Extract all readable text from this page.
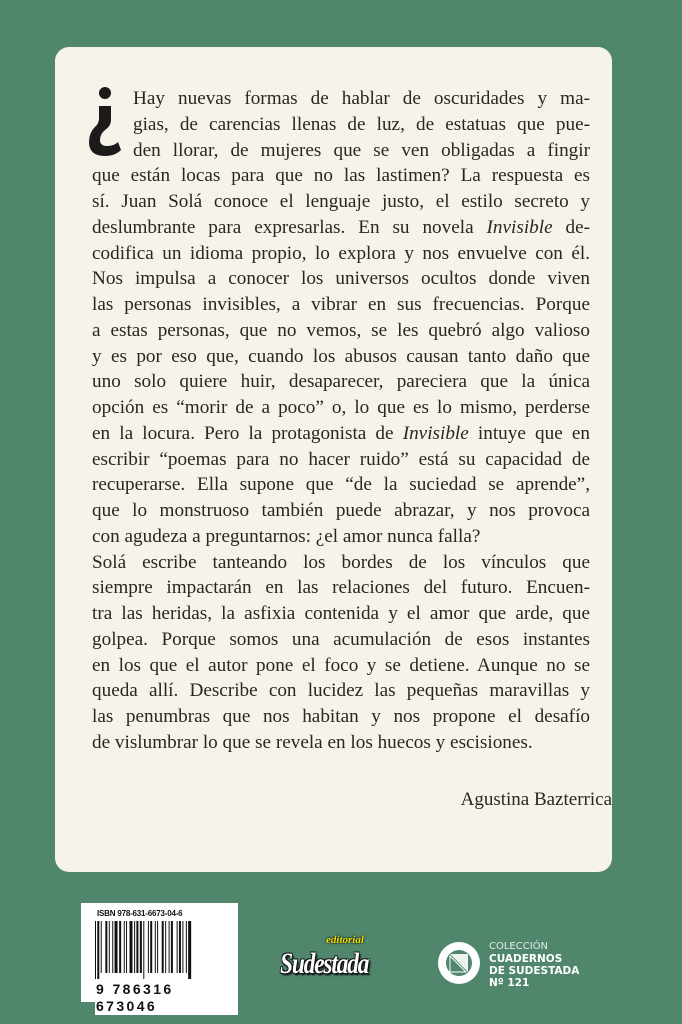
Hay nuevas formas de hablar de oscuridades y ma-
gias, de carencias llenas de luz, de estatuas que pue-
den llorar, de mujeres que se ven obligadas a fingir
que están locas para que no las lastimen? La respuesta es
sí. Juan Solá conoce el lenguaje justo, el estilo secreto y
deslumbrante para expresarlas. En su novela Invisible de-
codifica un idioma propio, lo explora y nos envuelve con él.
Nos impulsa a conocer los universos ocultos donde viven
las personas invisibles, a vibrar en sus frecuencias. Porque
a estas personas, que no vemos, se les quebró algo valioso
y es por eso que, cuando los abusos causan tanto daño que
uno solo quiere huir, desaparecer, pareciera que la única
opción es “morir de a poco” o, lo que es lo mismo, perderse
en la locura. Pero la protagonista de Invisible intuye que en
escribir “poemas para no hacer ruido” está su capacidad de
recuperarse. Ella supone que “de la suciedad se aprende”,
que lo monstruoso también puede abrazar, y nos provoca
con agudeza a preguntarnos: ¿el amor nunca falla?
Solá escribe tanteando los bordes de los vínculos que
siempre impactarán en las relaciones del futuro. Encuen-
tra las heridas, la asfixia contenida y el amor que arde, que
golpea. Porque somos una acumulación de esos instantes
en los que el autor pone el foco y se detiene. Aunque no se
queda allí. Describe con lucidez las pequeñas maravillas y
las penumbras que nos habitan y nos propone el desafío
de vislumbrar lo que se revela en los huecos y escisiones.
Agustina Bazterrica
ISBN 978-631-6673-04-6
9 786316 673046
editorial
Sudestada
COLECCIÓN
CUADERNOS
DE SUDESTADA
Nº 121
